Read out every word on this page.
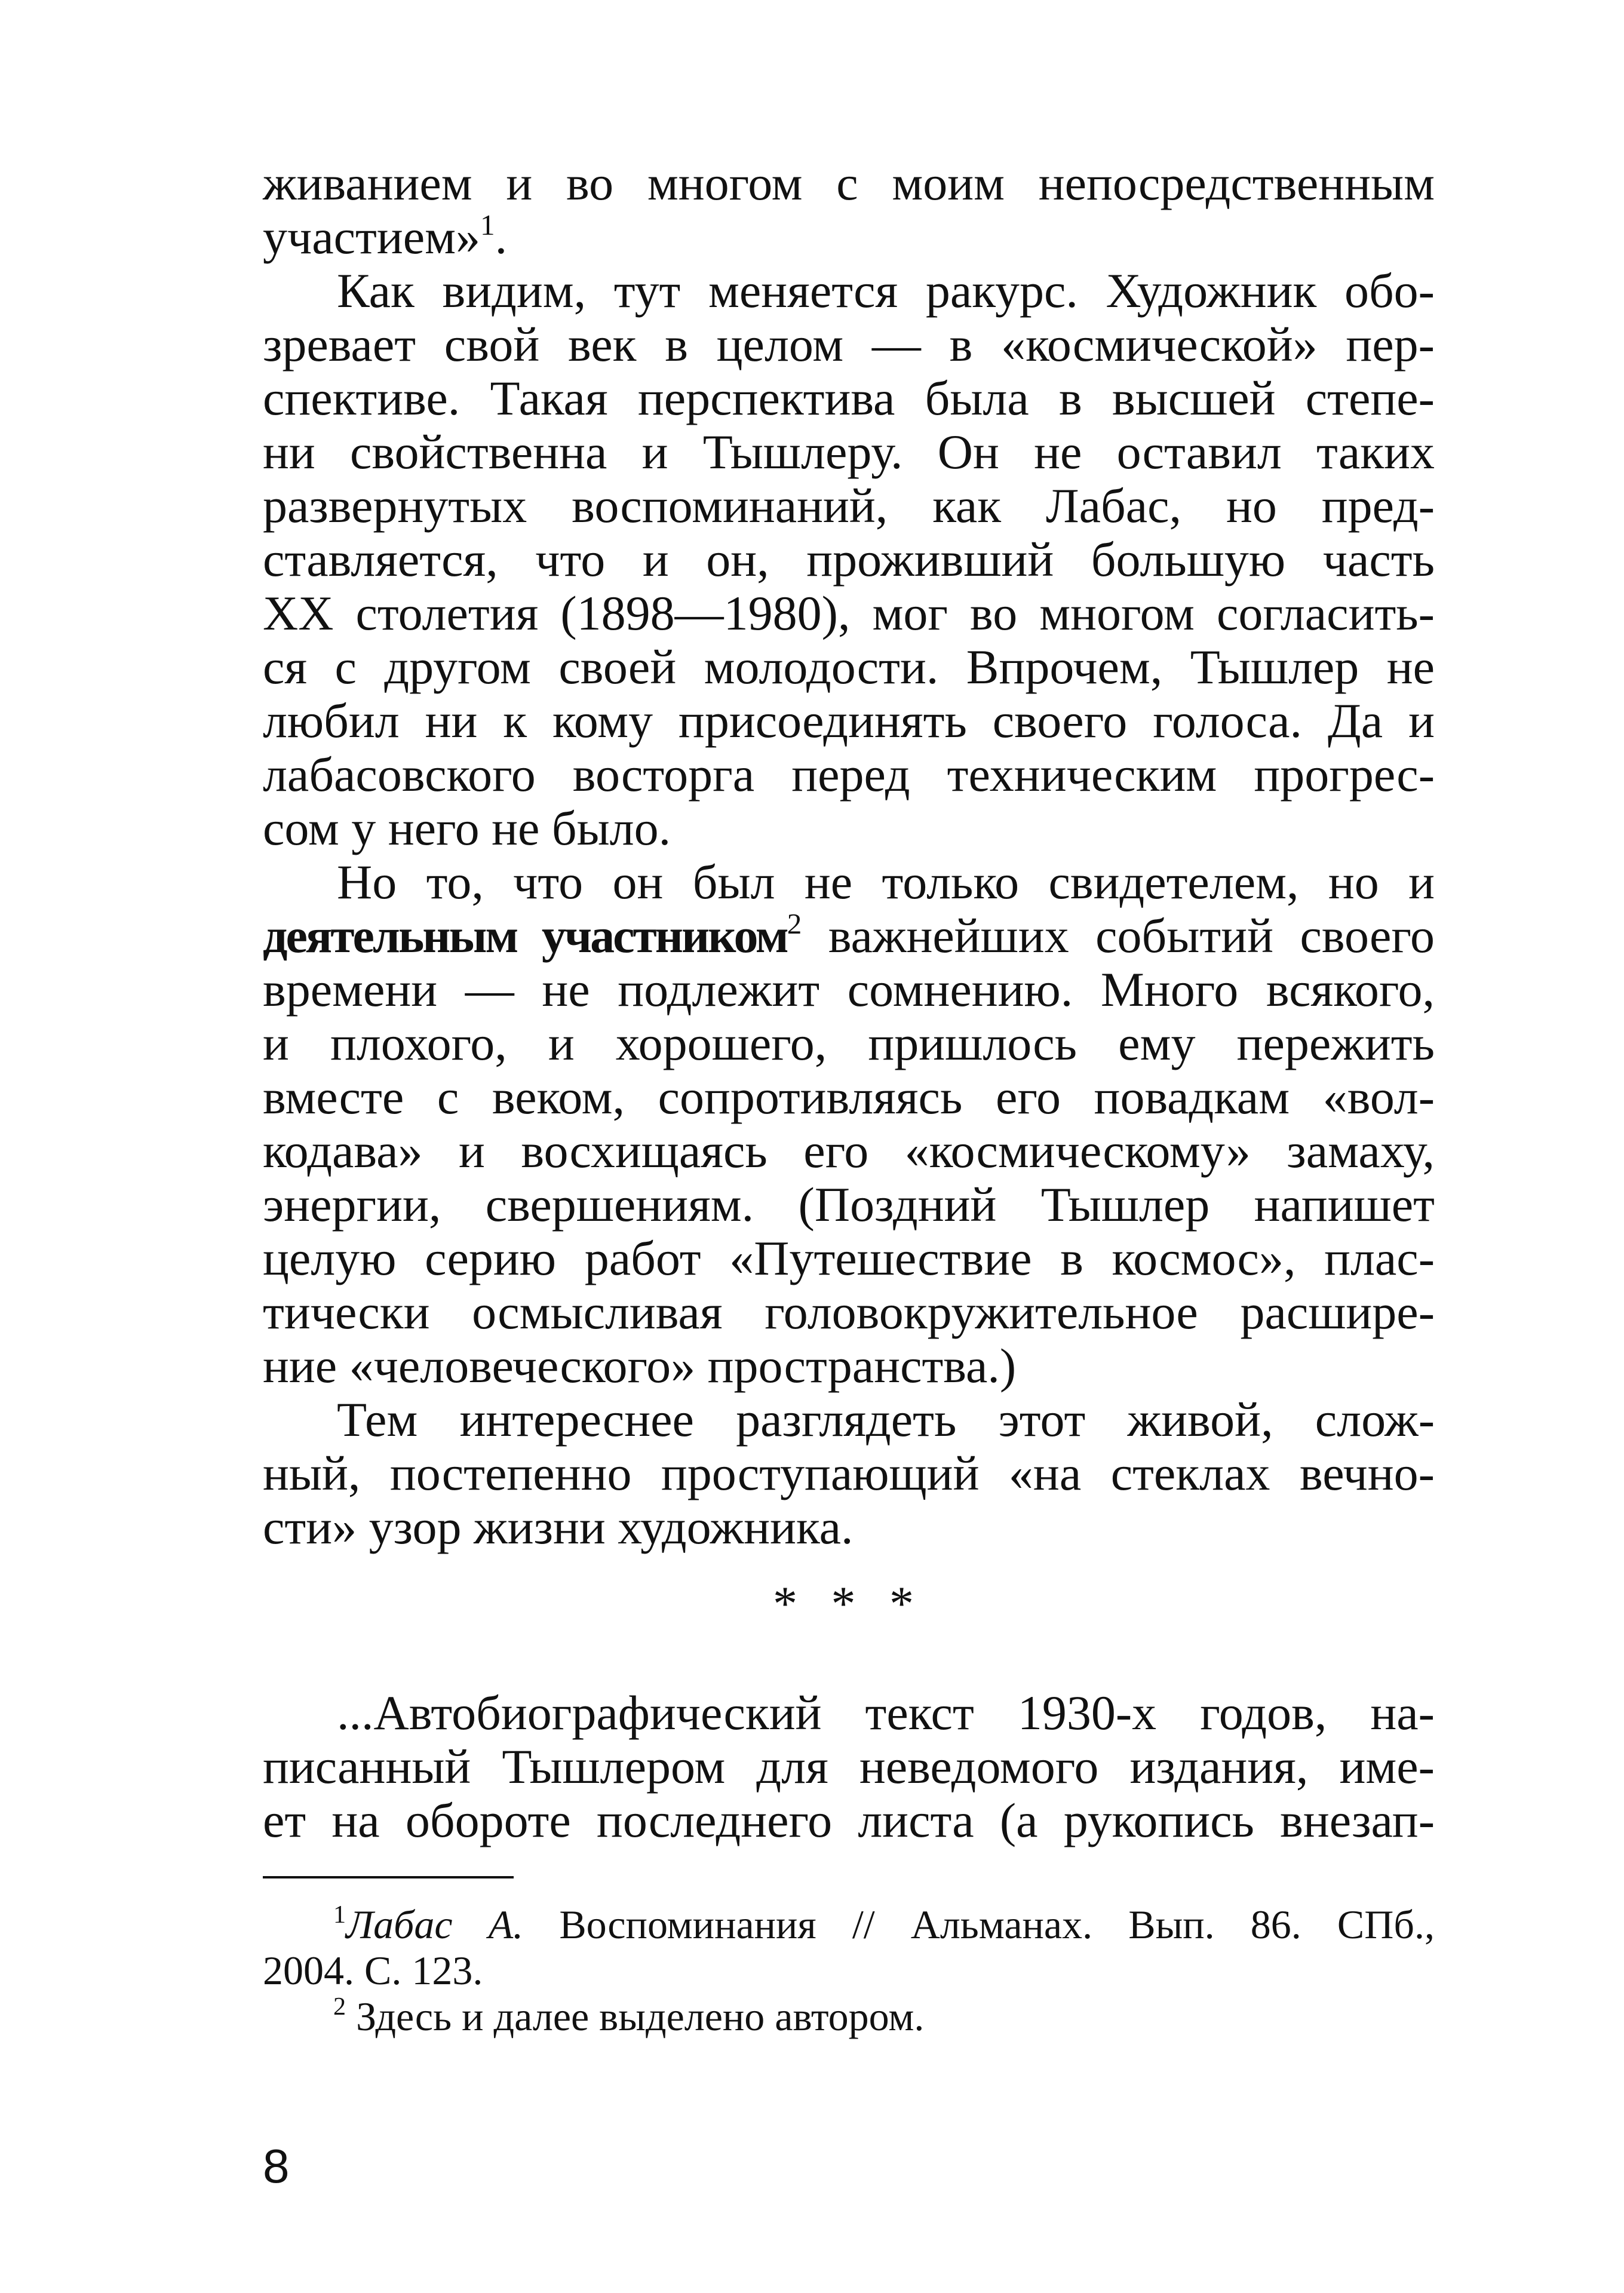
живанием и во многом с моим непосредственным
участием»$^1$.
Как видим, тут меняется ракурс. Художник обо-
зревает свой век в целом — в «космической» пер-
спективе. Такая перспектива была в высшей степе-
ни свойственна и Тышлеру. Он не оставил таких
развернутых воспоминаний, как Лабас, но пред-
ставляется, что и он, проживший большую часть
XX столетия (1898—1980), мог во многом согласить-
ся с другом своей молодости. Впрочем, Тышлер не
любил ни к кому присоединять своего голоса. Да и
лабасовского восторга перед техническим прогрес-
сом у него не было.
Но то, что он был не только свидетелем, но и
деятельным участником$^2$ важнейших событий своего
времени — не подлежит сомнению. Много всякого,
и плохого, и хорошего, пришлось ему пережить
вместе с веком, сопротивляясь его повадкам «вол-
кодава» и восхищаясь его «космическому» замаху,
энергии, свершениям. (Поздний Тышлер напишет
целую серию работ «Путешествие в космос», плас-
тически осмысливая головокружительное расшире-
ние «человеческого» пространства.)
Тем интереснее разглядеть этот живой, слож-
ный, постепенно проступающий «на стеклах вечно-
сти» узор жизни художника.
* * *
...Автобиографический текст 1930-х годов, на-
писанный Тышлером для неведомого издания, име-
ет на обороте последнего листа (а рукопись внезап-
$^1$Лабас А. Воспоминания // Альманах. Вып. 86. СПб.,
2004. С. 123.
$^2$ Здесь и далее выделено автором.
8
